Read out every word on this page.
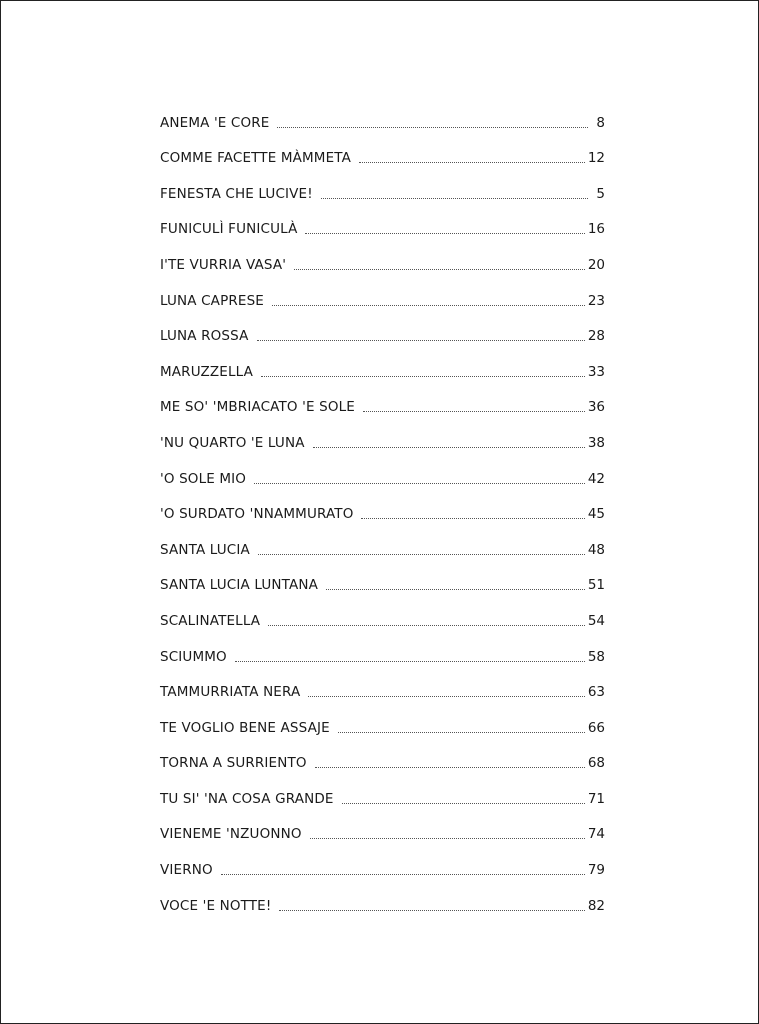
ANEMA 'E CORE	8
COMME FACETTE MÀMMETA	12
FENESTA CHE LUCIVE!	5
FUNICULÌ FUNICULÀ	16
I'TE VURRIA VASA'	20
LUNA CAPRESE	23
LUNA ROSSA	28
MARUZZELLA	33
ME SO' 'MBRIACATO 'E SOLE	36
'NU QUARTO 'E LUNA	38
'O SOLE MIO	42
'O SURDATO 'NNAMMURATO	45
SANTA LUCIA	48
SANTA LUCIA LUNTANA	51
SCALINATELLA	54
SCIUMMO	58
TAMMURRIATA NERA	63
TE VOGLIO BENE ASSAJE	66
TORNA A SURRIENTO	68
TU SI' 'NA COSA GRANDE	71
VIENEME 'NZUONNO	74
VIERNO	79
VOCE 'E NOTTE!	82
